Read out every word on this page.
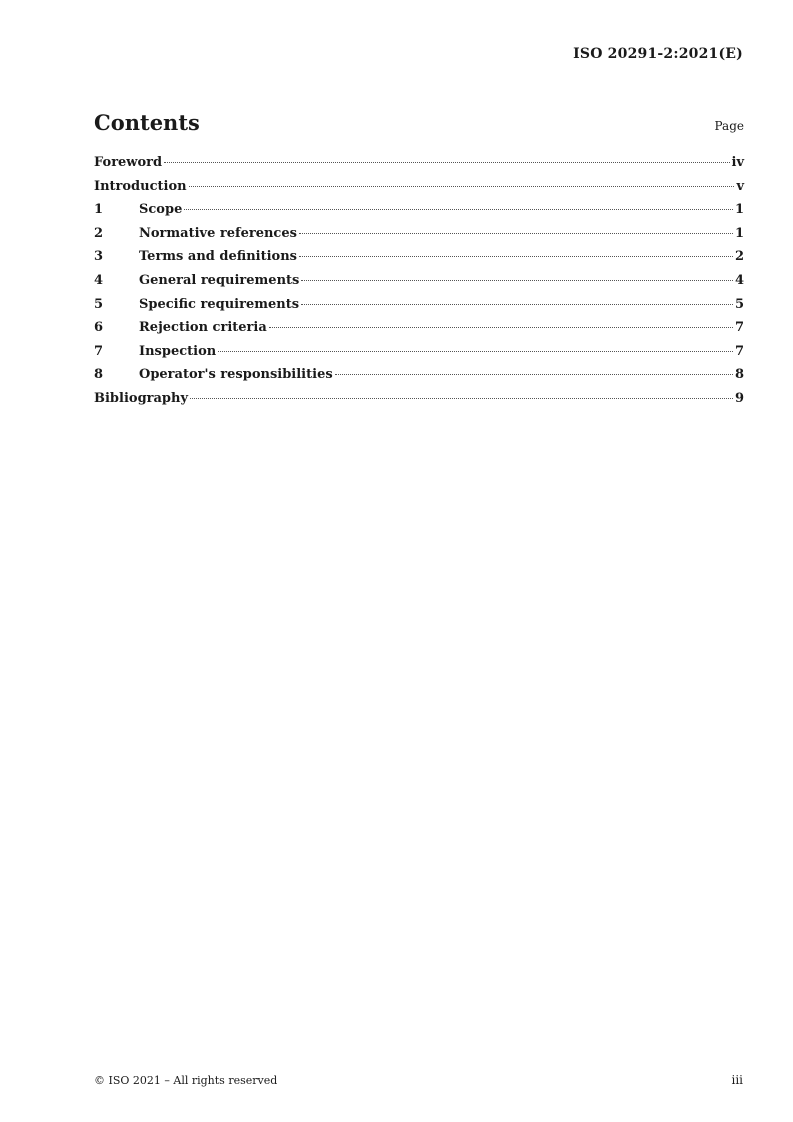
ISO 20291-2:2021(E)
Contents	Page
Foreword	iv
Introduction	v
1	Scope	1
2	Normative references	1
3	Terms and definitions	2
4	General requirements	4
5	Specific requirements	5
6	Rejection criteria	7
7	Inspection	7
8	Operator's responsibilities	8
Bibliography	9
© ISO 2021 – All rights reserved	iii
